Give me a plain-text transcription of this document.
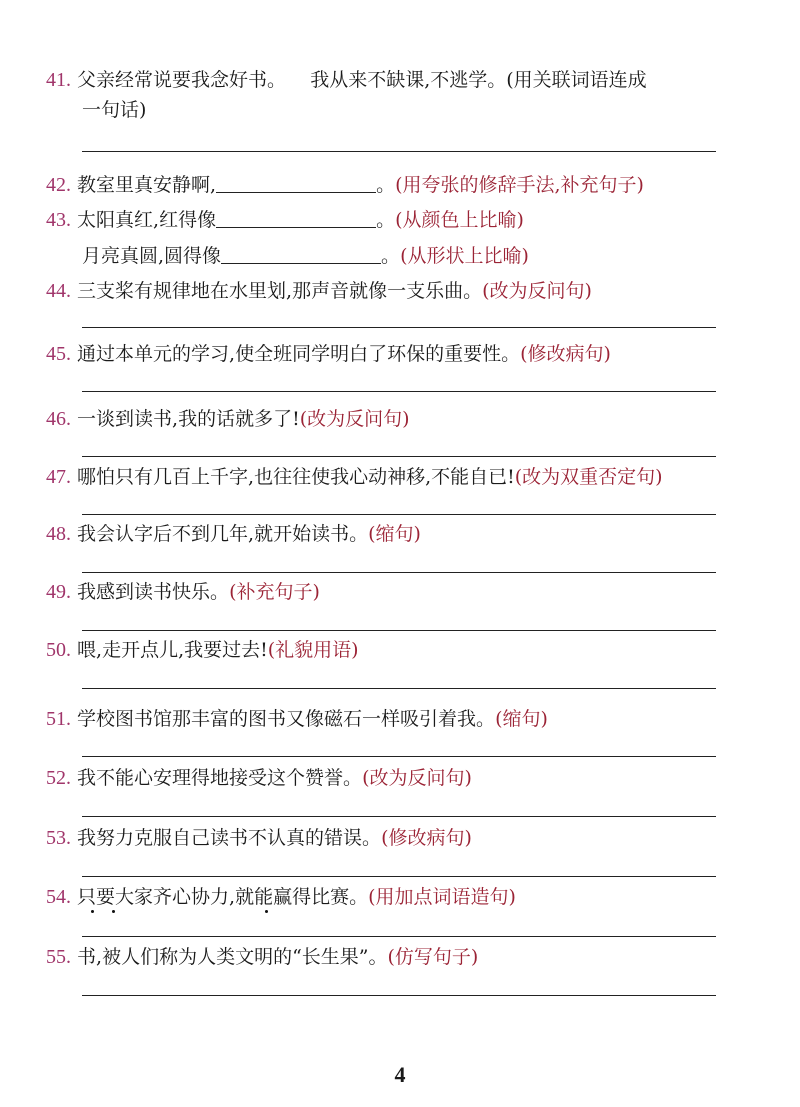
41. 父亲经常说要我念好书。    我从来不缺课,不逃学。(用关联词语连成
一句话)
42. 教室里真安静啊,	。(用夸张的修辞手法,补充句子)
43. 太阳真红,红得像	。(从颜色上比喻)
月亮真圆,圆得像	。(从形状上比喻)
44. 三支桨有规律地在水里划,那声音就像一支乐曲。(改为反问句)
45. 通过本单元的学习,使全班同学明白了环保的重要性。(修改病句)
46. 一谈到读书,我的话就多了!(改为反问句)
47. 哪怕只有几百上千字,也往往使我心动神移,不能自已!(改为双重否定句)
48. 我会认字后不到几年,就开始读书。(缩句)
49. 我感到读书快乐。(补充句子)
50. 喂,走开点儿,我要过去!(礼貌用语)
51. 学校图书馆那丰富的图书又像磁石一样吸引着我。(缩句)
52. 我不能心安理得地接受这个赞誉。(改为反问句)
53. 我努力克服自己读书不认真的错误。(修改病句)
54. 只要大家齐心协力,就能赢得比赛。(用加点词语造句)
55. 书,被人们称为人类文明的“长生果”。(仿写句子)
4
